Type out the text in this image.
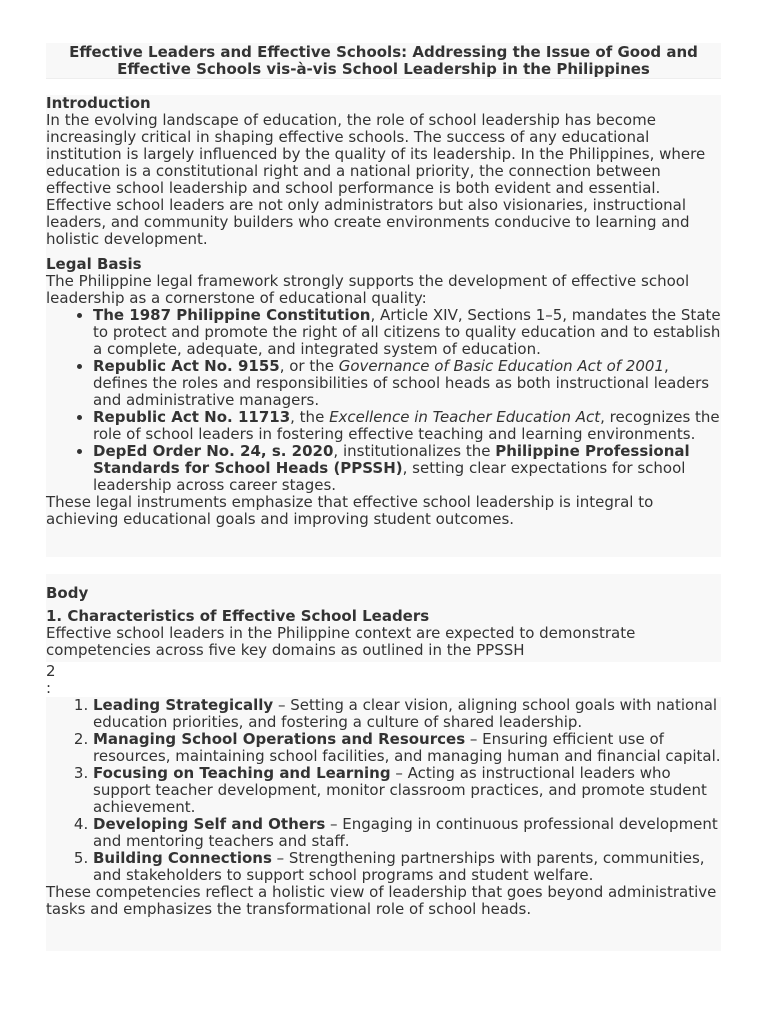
Effective Leaders and Effective Schools: Addressing the Issue of Good and Effective Schools vis-à-vis School Leadership in the Philippines

Introduction

In the evolving landscape of education, the role of school leadership has become increasingly critical in shaping effective schools. The success of any educational institution is largely influenced by the quality of its leadership. In the Philippines, where education is a constitutional right and a national priority, the connection between effective school leadership and school performance is both evident and essential. Effective school leaders are not only administrators but also visionaries, instructional leaders, and community builders who create environments conducive to learning and holistic development.

Legal Basis

The Philippine legal framework strongly supports the development of effective school leadership as a cornerstone of educational quality:

• The 1987 Philippine Constitution, Article XIV, Sections 1–5, mandates the State to protect and promote the right of all citizens to quality education and to establish a complete, adequate, and integrated system of education.
• Republic Act No. 9155, or the Governance of Basic Education Act of 2001, defines the roles and responsibilities of school heads as both instructional leaders and administrative managers.
• Republic Act No. 11713, the Excellence in Teacher Education Act, recognizes the role of school leaders in fostering effective teaching and learning environments.
• DepEd Order No. 24, s. 2020, institutionalizes the Philippine Professional Standards for School Heads (PPSSH), setting clear expectations for school leadership across career stages.

These legal instruments emphasize that effective school leadership is integral to achieving educational goals and improving student outcomes.

Body

1. Characteristics of Effective School Leaders

Effective school leaders in the Philippine context are expected to demonstrate competencies across five key domains as outlined in the PPSSH

2
:
1. Leading Strategically – Setting a clear vision, aligning school goals with national education priorities, and fostering a culture of shared leadership.
2. Managing School Operations and Resources – Ensuring efficient use of resources, maintaining school facilities, and managing human and financial capital.
3. Focusing on Teaching and Learning – Acting as instructional leaders who support teacher development, monitor classroom practices, and promote student achievement.
4. Developing Self and Others – Engaging in continuous professional development and mentoring teachers and staff.
5. Building Connections – Strengthening partnerships with parents, communities, and stakeholders to support school programs and student welfare.

These competencies reflect a holistic view of leadership that goes beyond administrative tasks and emphasizes the transformational role of school heads.
